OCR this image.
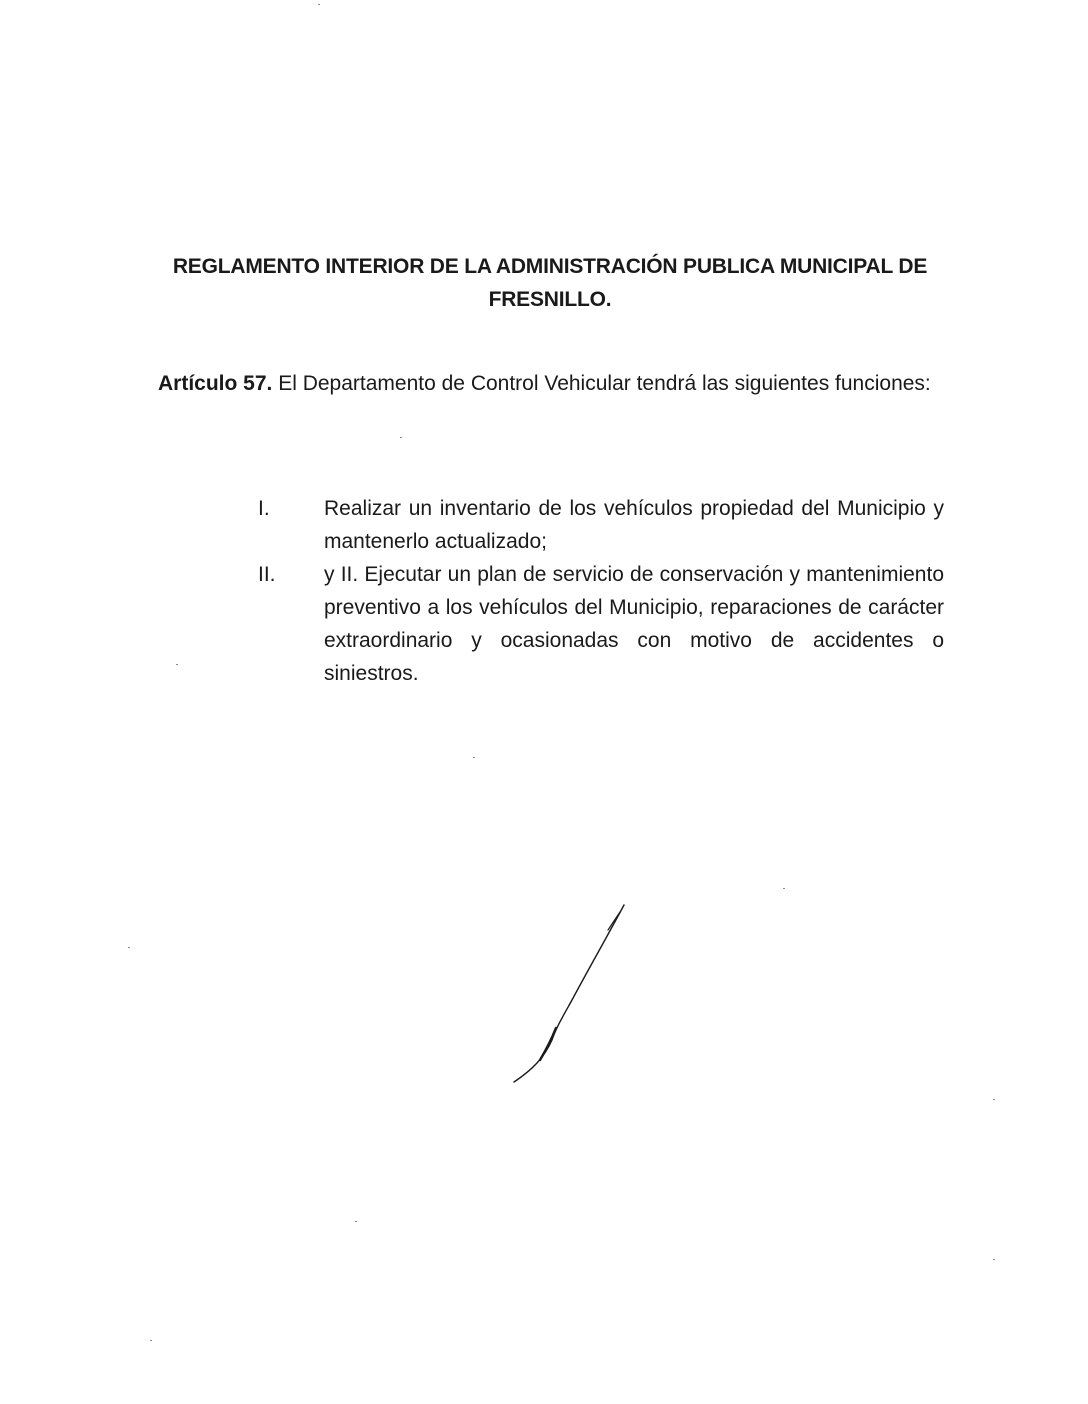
REGLAMENTO INTERIOR DE LA ADMINISTRACIÓN PUBLICA MUNICIPAL DE
FRESNILLO.
Artículo 57. El Departamento de Control Vehicular tendrá las siguientes funciones:
I.	Realizar un inventario de los vehículos propiedad del Municipio y mantenerlo actualizado;
II.	y II. Ejecutar un plan de servicio de conservación y mantenimiento preventivo a los vehículos del Municipio, reparaciones de carácter extraordinario y ocasionadas con motivo de accidentes o siniestros.
